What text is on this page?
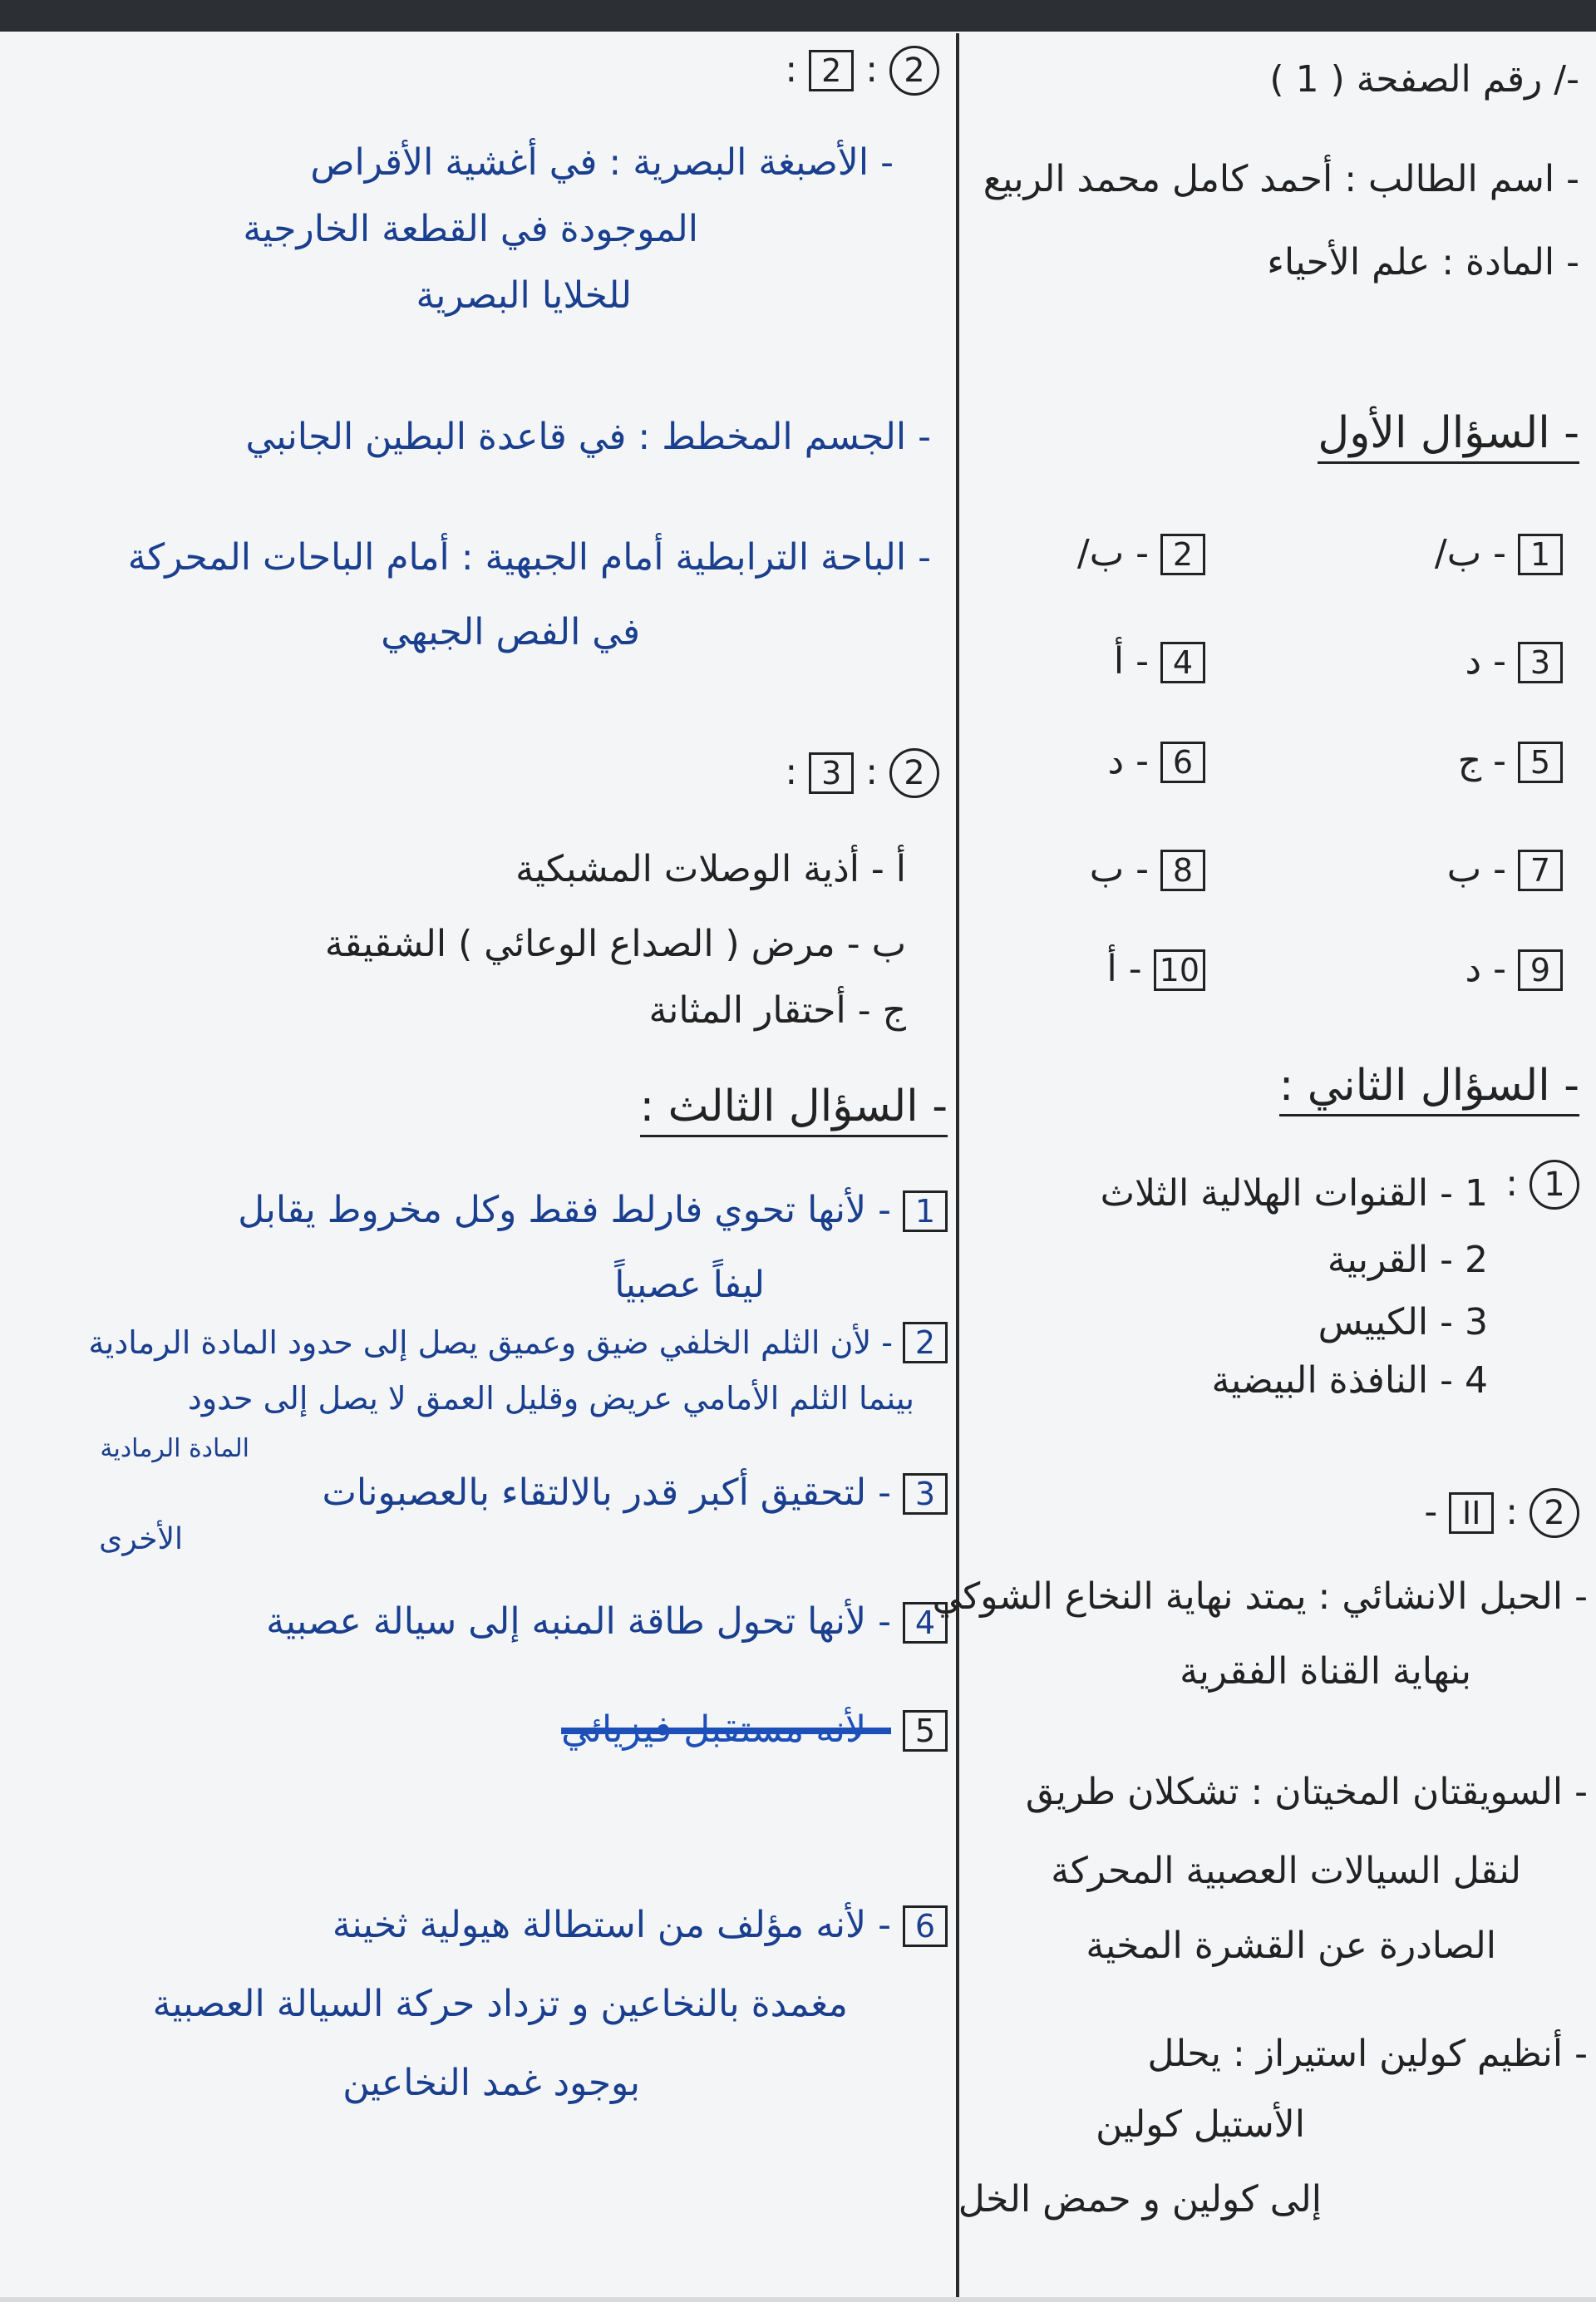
-/ رقم الصفحة ( 1 )
- اسم الطالب : أحمد كامل محمد الربيع
- المادة : علم الأحياء
- السؤال الأول
1 - ب/
2 - ب/
3 - د
4 - أ
5 - ج
6 - د
7 - ب
8 - ب
9 - د
10 - أ
- السؤال الثاني :
1 :
1 - القنوات الهلالية الثلاث
2 - القربية
3 - الكييس
4 - النافذة البيضية
2 : II -
- الحبل الانشائي : يمتد نهاية النخاع الشوكي
بنهاية القناة الفقرية
- السويقتان المخيتان : تشكلان طريق
لنقل السيالات العصبية المحركة
الصادرة عن القشرة المخية
- أنظيم كولين استيراز : يحلل
الأستيل كولين
إلى كولين و حمض الخل
2 : 2 :
- الأصبغة البصرية : في أغشية الأقراص
الموجودة في القطعة الخارجية
للخلايا البصرية
- الجسم المخطط : في قاعدة البطين الجانبي
- الباحة الترابطية أمام الجبهية : أمام الباحات المحركة
في الفص الجبهي
2 : 3 :
أ - أذية الوصلات المشبكية
ب - مرض ( الصداع الوعائي ) الشقيقة
ج - أحتقار المثانة
- السؤال الثالث :
1 - لأنها تحوي فارلط فقط وكل مخروط يقابل
ليفاً عصبياً
2 - لأن الثلم الخلفي ضيق وعميق يصل إلى حدود المادة الرمادية
بينما الثلم الأمامي عريض وقليل العمق لا يصل إلى حدود
المادة الرمادية
3 - لتحقيق أكبر قدر بالالتقاء بالعصبونات
الأخرى
4 - لأنها تحول طاقة المنبه إلى سيالة عصبية
5 - لأنه مستقبل فيزيائي
6 - لأنه مؤلف من استطالة هيولية ثخينة
مغمدة بالنخاعين و تزداد حركة السيالة العصبية
بوجود غمد النخاعين
